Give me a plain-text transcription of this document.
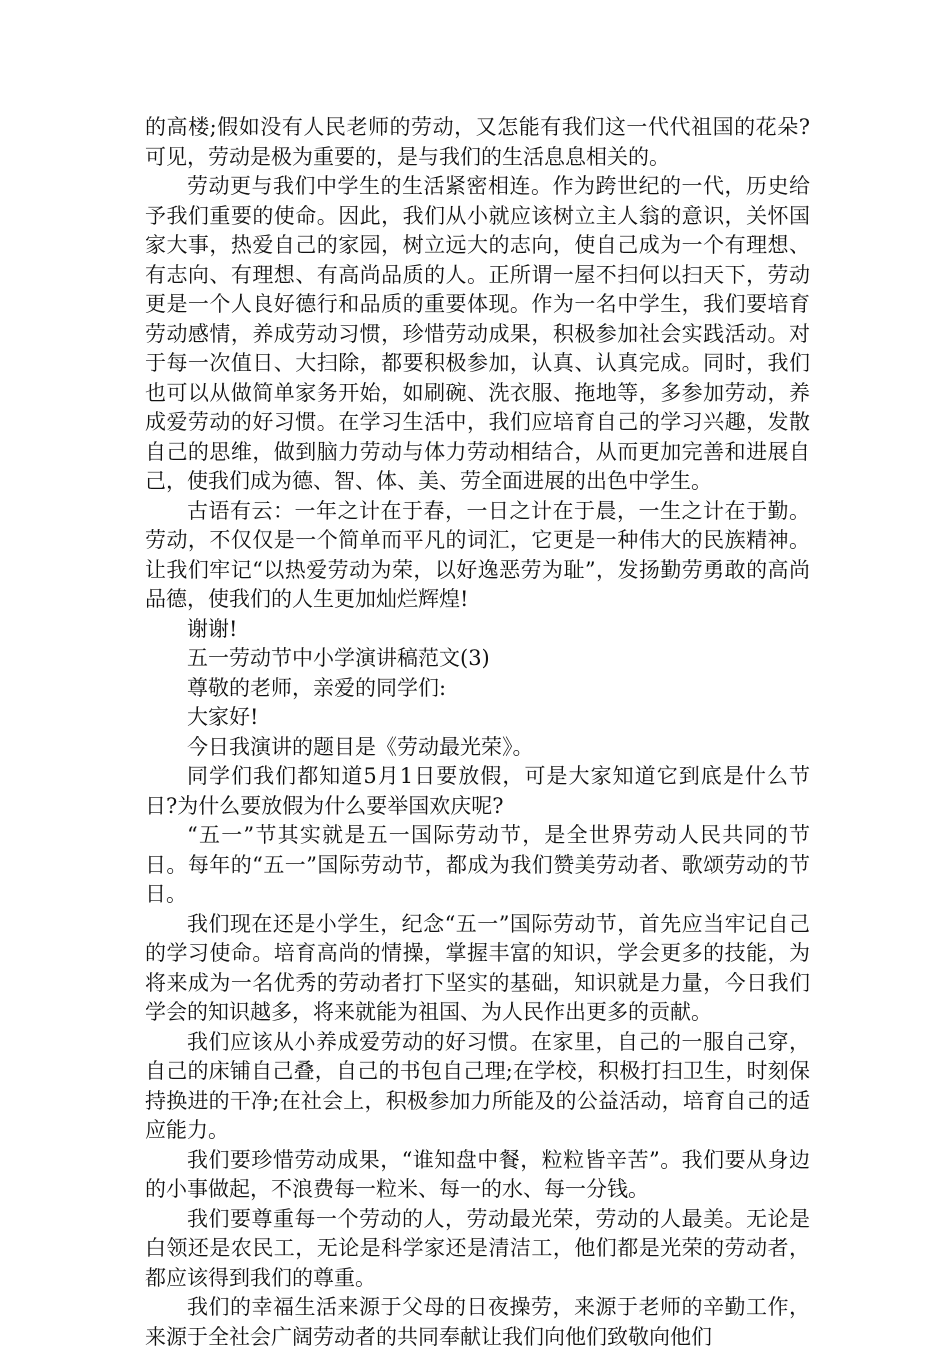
的高楼;假如没有人民老师的劳动，又怎能有我们这一代代祖国的花朵?可见，劳动是极为重要的，是与我们的生活息息相关的。

劳动更与我们中学生的生活紧密相连。作为跨世纪的一代，历史给予我们重要的使命。因此，我们从小就应该树立主人翁的意识，关怀国家大事，热爱自己的家园，树立远大的志向，使自己成为一个有理想、有志向、有理想、有高尚品质的人。正所谓一屋不扫何以扫天下，劳动更是一个人良好德行和品质的重要体现。作为一名中学生，我们要培育劳动感情，养成劳动习惯，珍惜劳动成果，积极参加社会实践活动。对于每一次值日、大扫除，都要积极参加，认真、认真完成。同时，我们也可以从做简单家务开始，如刷碗、洗衣服、拖地等，多参加劳动，养成爱劳动的好习惯。在学习生活中，我们应培育自己的学习兴趣，发散自己的思维，做到脑力劳动与体力劳动相结合，从而更加完善和进展自己，使我们成为德、智、体、美、劳全面进展的出色中学生。

古语有云：一年之计在于春，一日之计在于晨，一生之计在于勤。劳动，不仅仅是一个简单而平凡的词汇，它更是一种伟大的民族精神。让我们牢记“以热爱劳动为荣，以好逸恶劳为耻”，发扬勤劳勇敢的高尚品德，使我们的人生更加灿烂辉煌!

谢谢!

五一劳动节中小学演讲稿范文(3)

尊敬的老师，亲爱的同学们:

大家好!

今日我演讲的题目是《劳动最光荣》。

同学们我们都知道5月1日要放假，可是大家知道它到底是什么节日?为什么要放假为什么要举国欢庆呢?

“五一”节其实就是五一国际劳动节，是全世界劳动人民共同的节日。每年的“五一”国际劳动节，都成为我们赞美劳动者、歌颂劳动的节日。

我们现在还是小学生，纪念“五一”国际劳动节，首先应当牢记自己的学习使命。培育高尚的情操，掌握丰富的知识，学会更多的技能，为将来成为一名优秀的劳动者打下坚实的基础，知识就是力量，今日我们学会的知识越多，将来就能为祖国、为人民作出更多的贡献。

我们应该从小养成爱劳动的好习惯。在家里，自己的一服自己穿，自己的床铺自己叠，自己的书包自己理;在学校，积极打扫卫生，时刻保持换进的干净;在社会上，积极参加力所能及的公益活动，培育自己的适应能力。

我们要珍惜劳动成果，“谁知盘中餐，粒粒皆辛苦”。我们要从身边的小事做起，不浪费每一粒米、每一的水、每一分钱。

我们要尊重每一个劳动的人，劳动最光荣，劳动的人最美。无论是白领还是农民工，无论是科学家还是清洁工，他们都是光荣的劳动者，都应该得到我们的尊重。

我们的幸福生活来源于父母的日夜操劳，来源于老师的辛勤工作，来源于全社会广阔劳动者的共同奉献让我们向他们致敬向他们
